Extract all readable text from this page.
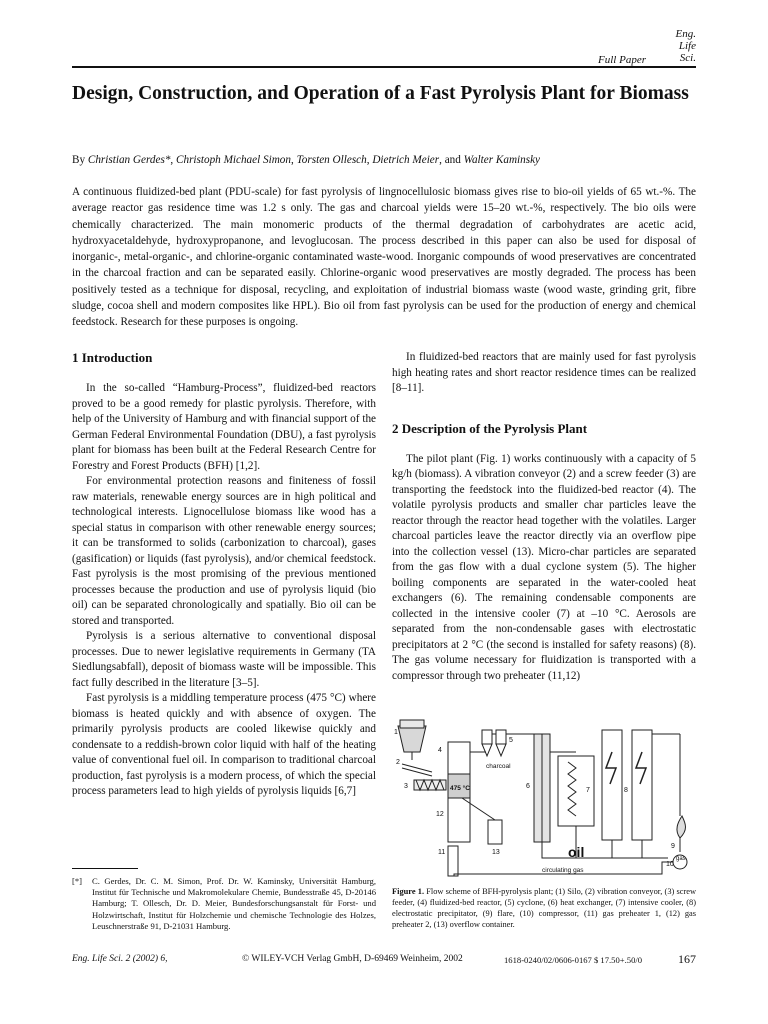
Eng.
Life
Sci.
Full Paper
Design, Construction, and Operation of a Fast Pyrolysis Plant for Biomass
By Christian Gerdes*, Christoph Michael Simon, Torsten Ollesch, Dietrich Meier, and Walter Kaminsky

A continuous fluidized-bed plant (PDU-scale) for fast pyrolysis of lingnocellulosic biomass gives rise to bio-oil yields of 65 wt.-%. The average reactor gas residence time was 1.2 s only. The gas and charcoal yields were 15–20 wt.-%, respectively. The bio oils were chemically characterized. The main monomeric products of the thermal degradation of carbohydrates are acetic acid, hydroxyacetaldehyde, hydroxypropanone, and levoglucosan. The process described in this paper can also be used for disposal of inorganic-, metal-organic-, and chlorine-organic contaminated waste-wood. Inorganic compounds of wood preservatives are concentrated in the charcoal fraction and can be separated easily. Chlorine-organic wood preservatives are mostly degraded. The process has been positively tested as a technique for disposal, recycling, and exploitation of industrial biomass waste (wood waste, grinding grit, fibre sludge, cocoa shell and modern composites like HPL). Bio oil from fast pyrolysis can be used for the production of energy and chemical feedstock. Research for these purposes is ongoing.

1 Introduction

In the so-called “Hamburg-Process”, fluidized-bed reactors proved to be a good remedy for plastic pyrolysis. Therefore, with help of the University of Hamburg and with financial support of the German Federal Environmental Foundation (DBU), a fast pyrolysis plant for biomass has been built at the Federal Research Centre for Forestry and Forest Products (BFH) [1,2].

For environmental protection reasons and finiteness of fossil raw materials, renewable energy sources are in high political and technological interests. Lignocellulose biomass like wood has a special status in comparison with other renewable energy sources; it can be transformed to solids (carbonization to charcoal), gases (gasification) or liquids (fast pyrolysis), and/or chemical feedstock. Fast pyrolysis is the most promising of the previous mentioned processes because the production and use of pyrolysis liquid (bio oil) can be separated chronologically and spatially. Bio oil can be stored and transported.

Pyrolysis is a serious alternative to conventional disposal processes. Due to newer legislative requirements in Germany (TA Siedlungsabfall), deposit of biomass waste will be impossible. This fact fully described in the literature [3–5].

Fast pyrolysis is a middling temperature process (475 °C) where biomass is heated quickly and with absence of oxygen. The primarily pyrolysis products are cooled likewise quickly and condensate to a reddish-brown color liquid with half of the heating value of conventional fuel oil. In comparison to traditional charcoal production, fast pyrolysis is a modern process, of which the special process parameters lead to high yields of pyrolysis liquids [6,7]

[*] C. Gerdes, Dr. C. M. Simon, Prof. Dr. W. Kaminsky, Universität Hamburg, Institut für Technische und Makromolekulare Chemie, Bundesstraße 45, D-20146 Hamburg; T. Ollesch, Dr. D. Meier, Bundesforschungsanstalt für Forst- und Holzwirtschaft, Institut für Holzchemie und chemische Technologie des Holzes, Leuschnerstraße 91, D-21031 Hamburg.

In fluidized-bed reactors that are mainly used for fast pyrolysis high heating rates and short reactor residence times can be realized [8–11].

2 Description of the Pyrolysis Plant

The pilot plant (Fig. 1) works continuously with a capacity of 5 kg/h (biomass). A vibration conveyor (2) and a screw feeder (3) are transporting the feedstock into the fluidized-bed reactor (4). The volatile pyrolysis products and smaller char particles leave the reactor through the reactor head together with the volatiles. Larger charcoal particles leave the reactor directly via an overflow pipe into the collection vessel (13). Micro-char particles are separated from the gas flow with a dual cyclone system (5). The higher boiling components are separated in the water-cooled heat exchangers (6). The remaining condensable components are collected in the intensive cooler (7) at –10 °C. Aerosols are separated from the non-condensable gases with electrostatic precipitators at 2 °C (the second is installed for safety reasons) (8). The gas volume necessary for fluidization is transported with a compressor through two preheater (11,12)

1
2
3
4
5
6
7	8
9
10
11
12
13
475 °C
charcoal
gas
oil
circulating gas
Figure 1. Flow scheme of BFH-pyrolysis plant; (1) Silo, (2) vibration conveyor, (3) screw feeder, (4) fluidized-bed reactor, (5) cyclone, (6) heat exchanger, (7) intensive cooler, (8) electrostatic precipitator, (9) flare, (10) compressor, (11) gas preheater 1, (12) gas preheater 2, (13) overflow container.
Eng. Life Sci. 2 (2002) 6,	© WILEY-VCH Verlag GmbH, D-69469 Weinheim, 2002	1618-0240/02/0606-0167 $ 17.50+.50/0	167
